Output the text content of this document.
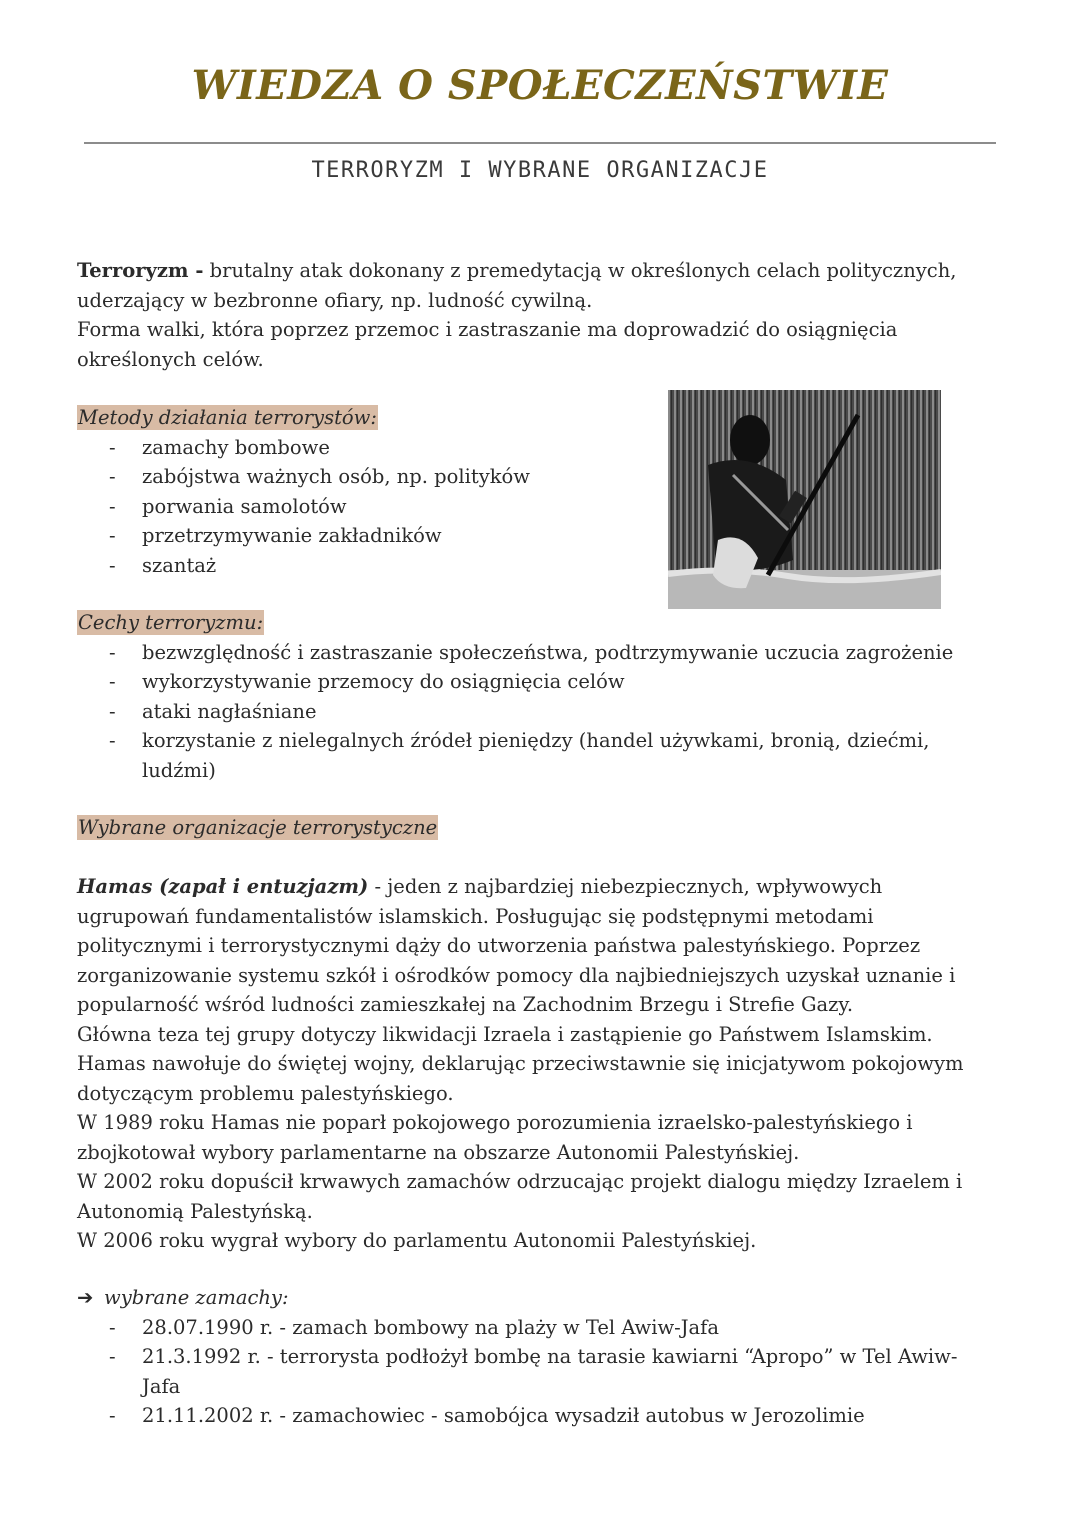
WIEDZA O SPOŁECZEŃSTWIE
TERRORYZM I WYBRANE ORGANIZACJE

Terroryzm - brutalny atak dokonany z premedytacją w określonych celach politycznych, uderzający w bezbronne ofiary, np. ludność cywilną.

Forma walki, która poprzez przemoc i zastraszanie ma doprowadzić do osiągnięcia określonych celów.

Metody działania terrorystów:
- zamachy bombowe
- zabójstwa ważnych osób, np. polityków
- porwania samolotów
- przetrzymywanie zakładników
- szantaż
Cechy terroryzmu:
- bezwzględność i zastraszanie społeczeństwa, podtrzymywanie uczucia zagrożenie
- wykorzystywanie przemocy do osiągnięcia celów
- ataki nagłaśniane
- korzystanie z nielegalnych źródeł pieniędzy (handel używkami, bronią, dziećmi, ludźmi)
Wybrane organizacje terrorystyczne

Hamas (zapał i entuzjazm) - jeden z najbardziej niebezpiecznych, wpływowych ugrupowań fundamentalistów islamskich. Posługując się podstępnymi metodami politycznymi i terrorystycznymi dąży do utworzenia państwa palestyńskiego. Poprzez zorganizowanie systemu szkół i ośrodków pomocy dla najbiedniejszych uzyskał uznanie i popularność wśród ludności zamieszkałej na Zachodnim Brzegu i Strefie Gazy.

Główna teza tej grupy dotyczy likwidacji Izraela i zastąpienie go Państwem Islamskim. Hamas nawołuje do świętej wojny, deklarując przeciwstawnie się inicjatywom pokojowym dotyczącym problemu palestyńskiego.

W 1989 roku Hamas nie poparł pokojowego porozumienia izraelsko-palestyńskiego i zbojkotował wybory parlamentarne na obszarze Autonomii Palestyńskiej.

W 2002 roku dopuścił krwawych zamachów odrzucając projekt dialogu między Izraelem i Autonomią Palestyńską.

W 2006 roku wygrał wybory do parlamentu Autonomii Palestyńskiej.

➔ wybrane zamachy:
- 28.07.1990 r. - zamach bombowy na plaży w Tel Awiw-Jafa
- 21.3.1992 r. - terrorysta podłożył bombę na tarasie kawiarni “Apropo” w Tel Awiw-Jafa
- 21.11.2002 r. - zamachowiec - samobójca wysadził autobus w Jerozolimie
